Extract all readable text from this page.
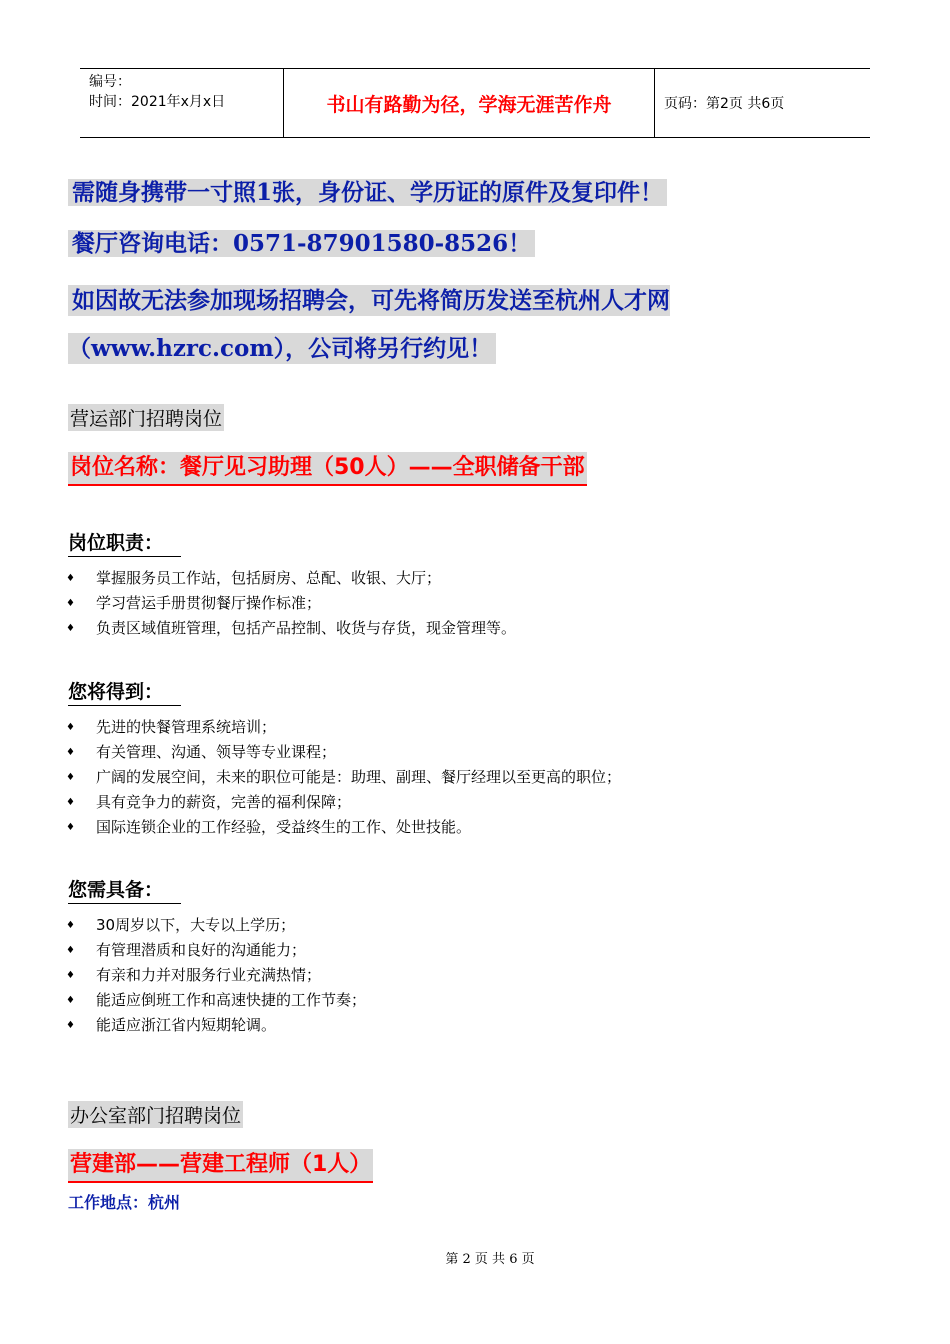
编号：
时间：2021年x月x日	书山有路勤为径，学海无涯苦作舟	页码：第2页 共6页
需随身携带一寸照1张，身份证、学历证的原件及复印件！
餐厅咨询电话：0571-87901580-8526！
如因故无法参加现场招聘会，可先将简历发送至杭州人才网（www.hzrc.com），公司将另行约见！
营运部门招聘岗位
岗位名称：餐厅见习助理（50人）——全职储备干部
岗位职责：
♦	掌握服务员工作站，包括厨房、总配、收银、大厅；
♦	学习营运手册贯彻餐厅操作标准；
♦	负责区域值班管理，包括产品控制、收货与存货，现金管理等。
您将得到：
♦	先进的快餐管理系统培训；
♦	有关管理、沟通、领导等专业课程；
♦	广阔的发展空间，未来的职位可能是：助理、副理、餐厅经理以至更高的职位；
♦	具有竞争力的薪资，完善的福利保障；
♦	国际连锁企业的工作经验，受益终生的工作、处世技能。
您需具备：
♦	30周岁以下，大专以上学历；
♦	有管理潜质和良好的沟通能力；
♦	有亲和力并对服务行业充满热情；
♦	能适应倒班工作和高速快捷的工作节奏；
♦	能适应浙江省内短期轮调。
办公室部门招聘岗位
营建部——营建工程师（1人）
工作地点：杭州
第 2 页 共 6 页
